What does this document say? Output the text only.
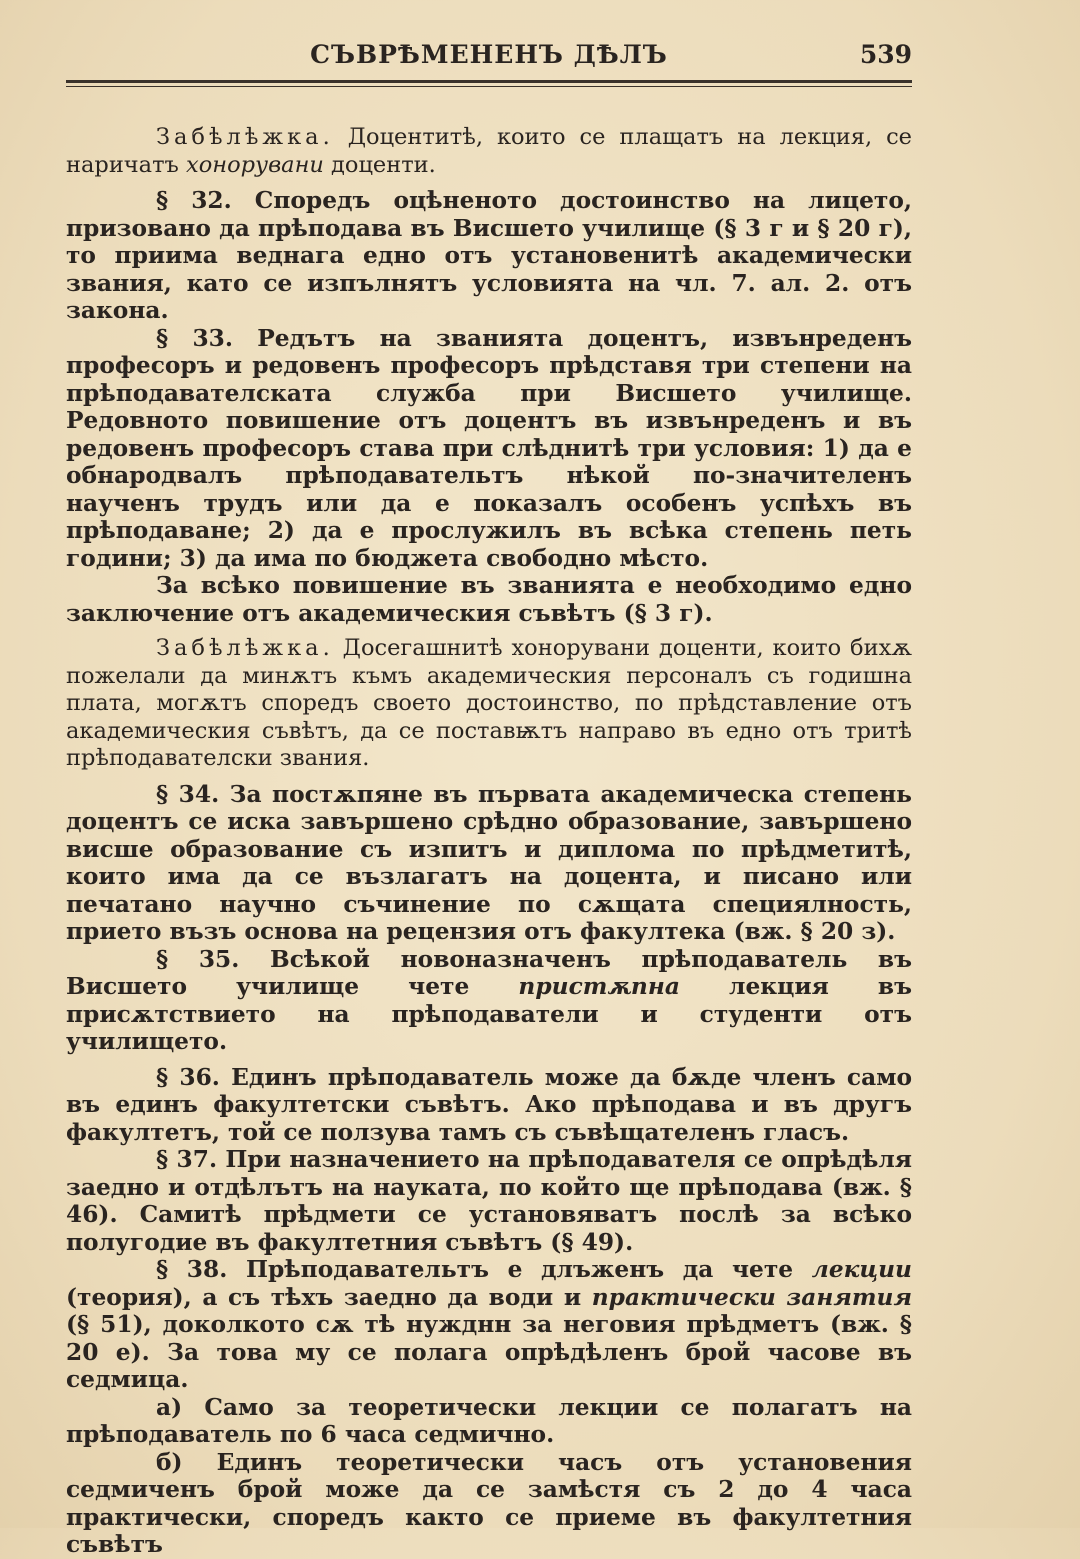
СЪВРѢМЕНЕНЪ ДѢЛЪ	539

Забѣлѣжка. Доцентитѣ, които се плащатъ на лекция, се наричатъ хонорувани доценти.

§ 32. Споредъ оцѣненото достоинство на лицето, призовано да прѣподава въ Висшето училище (§ 3 г и § 20 г), то приима веднага едно отъ установенитѣ академически звания, като се изпълнятъ условията на чл. 7. ал. 2. отъ закона.

§ 33. Редътъ на званията доцентъ, извънреденъ професоръ и редовенъ професоръ прѣдставя три степени на прѣподавателската служба при Висшето училище. Редовното повишение отъ доцентъ въ извънреденъ и въ редовенъ професоръ става при слѣднитѣ три условия: 1) да е обнародвалъ прѣподавательтъ нѣкой по-значителенъ наученъ трудъ или да е показалъ особенъ успѣхъ въ прѣподаване; 2) да е прослужилъ въ всѣка степень петь години; 3) да има по бюджета свободно мѣсто.

За всѣко повишение въ званията е необходимо едно заключение отъ академическия съвѣтъ (§ 3 г).

Забѣлѣжка. Досегашнитѣ хонорувани доценти, които бихѫ пожелали да минѫтъ къмъ академическия персоналъ съ годишна плата, могѫтъ споредъ своето достоинство, по прѣдставление отъ академическия съвѣтъ, да се поставѭтъ направо въ едно отъ тритѣ прѣподавателски звания.

§ 34. За постѫпяне въ първата академическа степень доцентъ се иска завършено срѣдно образование, завършено висше образование съ изпитъ и диплома по прѣдметитѣ, които има да се възлагатъ на доцента, и писано или печатано научно съчинение по сѫщата специялность, прието възъ основа на рецензия отъ факултека (вж. § 20 з).

§ 35. Всѣкой новоназначенъ прѣподаватель въ Висшето училище чете пристѫпна лекция въ присѫтствието на прѣподаватели и студенти отъ училището.

§ 36. Единъ прѣподаватель може да бѫде членъ само въ единъ факултетски съвѣтъ. Ако прѣподава и въ другъ факултетъ, той се ползува тамъ съ съвѣщателенъ гласъ.

§ 37. При назначението на прѣподавателя се опрѣдѣля заедно и отдѣлътъ на науката, по който ще прѣподава (вж. § 46). Самитѣ прѣдмети се установяватъ послѣ за всѣко полугодие въ факултетния съвѣтъ (§ 49).

§ 38. Прѣподавательтъ е длъженъ да чете лекции (теория), а съ тѣхъ заедно да води и практически занятия (§ 51), доколкото сѫ тѣ нужднн за неговия прѣдметъ (вж. § 20 е). За това му се полага опрѣдѣленъ брой часове въ седмица.

а) Само за теоретически лекции се полагатъ на прѣподаватель по 6 часа седмично.

б) Единъ теоретически часъ отъ установения седмиченъ брой може да се замѣстя съ 2 до 4 часа практически, споредъ както се приеме въ факултетния съвѣтъ
